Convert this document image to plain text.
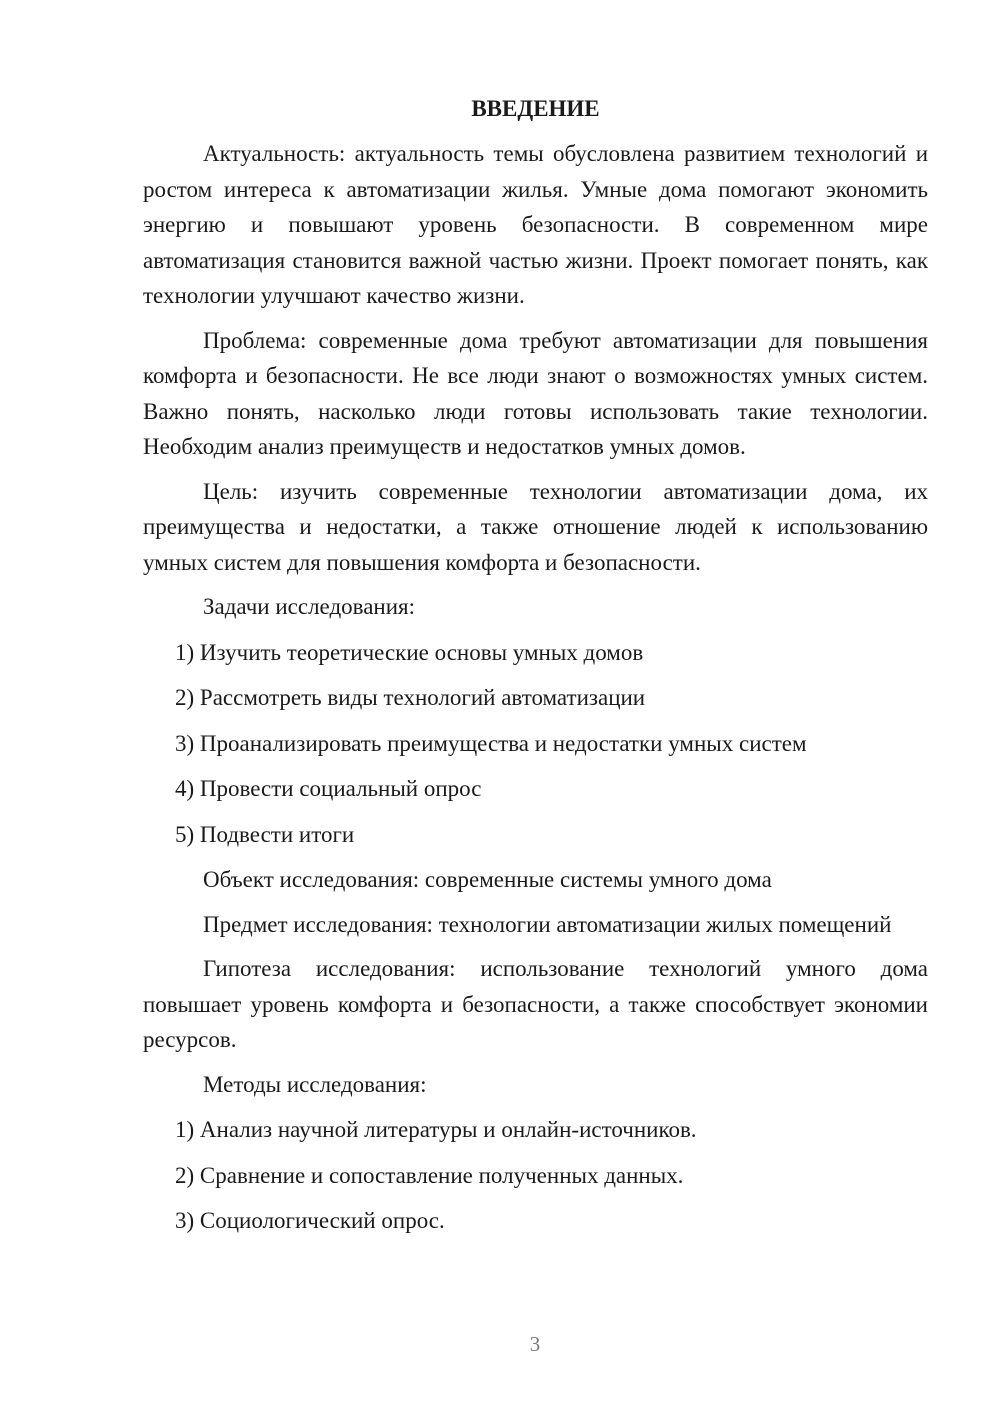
ВВЕДЕНИЕ

Актуальность: актуальность темы обусловлена развитием технологий и ростом интереса к автоматизации жилья. Умные дома помогают экономить энергию и повышают уровень безопасности. В современном мире автоматизация становится важной частью жизни. Проект помогает понять, как технологии улучшают качество жизни.

Проблема: современные дома требуют автоматизации для повышения комфорта и безопасности. Не все люди знают о возможностях умных систем. Важно понять, насколько люди готовы использовать такие технологии. Необходим анализ преимуществ и недостатков умных домов.

Цель: изучить современные технологии автоматизации дома, их преимущества и недостатки, а также отношение людей к использованию умных систем для повышения комфорта и безопасности.

Задачи исследования:

1) Изучить теоретические основы умных домов
2) Рассмотреть виды технологий автоматизации
3) Проанализировать преимущества и недостатки умных систем
4) Провести социальный опрос
5) Подвести итоги

Объект исследования: современные системы умного дома

Предмет исследования: технологии автоматизации жилых помещений

Гипотеза исследования: использование технологий умного дома повышает уровень комфорта и безопасности, а также способствует экономии ресурсов.

Методы исследования:

1) Анализ научной литературы и онлайн-источников.
2) Сравнение и сопоставление полученных данных.
3) Социологический опрос.
3
